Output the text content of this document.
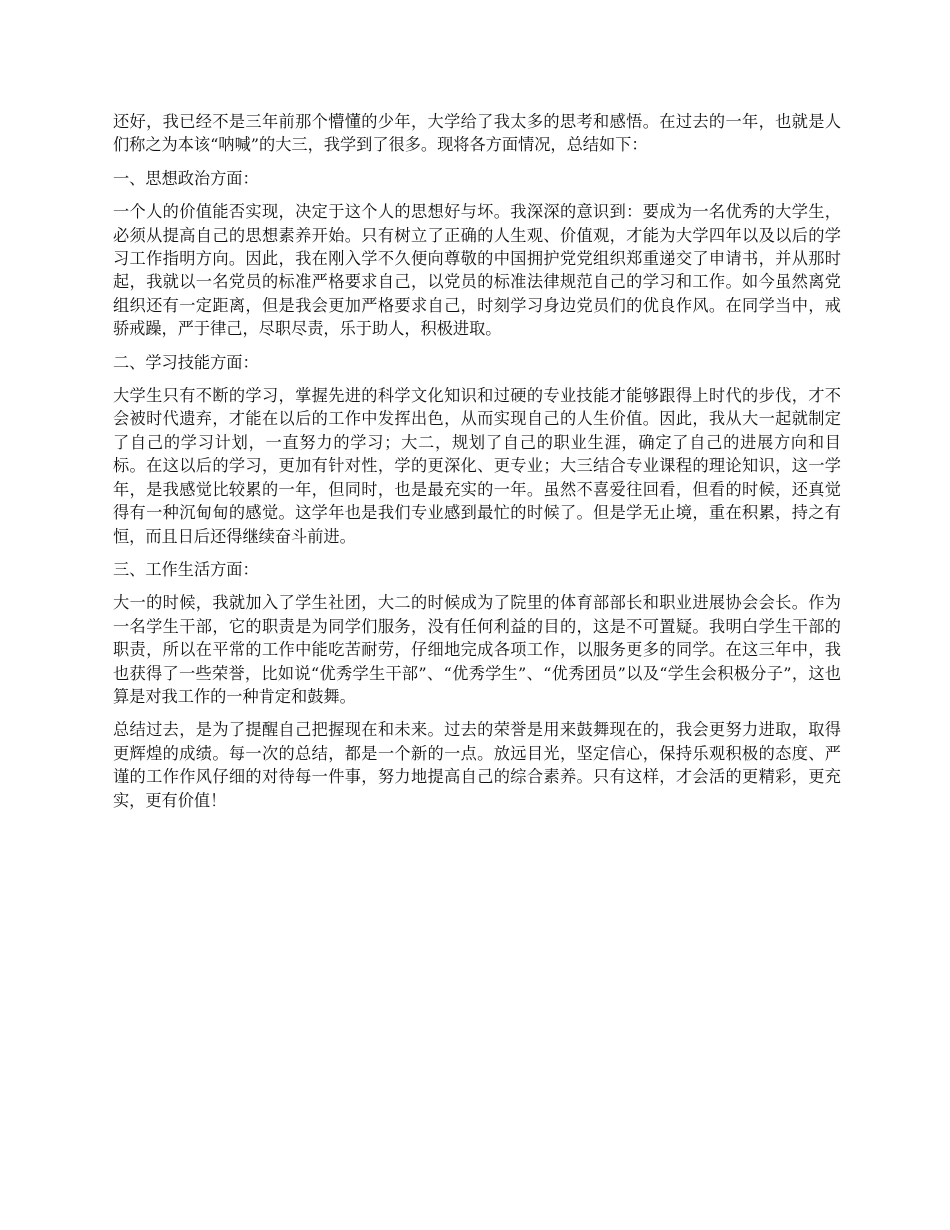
还好，我已经不是三年前那个懵懂的少年，大学给了我太多的思考和感悟。在过去的一年，也就是人们称之为本该“呐喊”的大三，我学到了很多。现将各方面情况，总结如下：

一、思想政治方面：

一个人的价值能否实现，决定于这个人的思想好与坏。我深深的意识到：要成为一名优秀的大学生，必须从提高自己的思想素养开始。只有树立了正确的人生观、价值观，才能为大学四年以及以后的学习工作指明方向。因此，我在刚入学不久便向尊敬的中国拥护党党组织郑重递交了申请书，并从那时起，我就以一名党员的标准严格要求自己，以党员的标准法律规范自己的学习和工作。如今虽然离党组织还有一定距离，但是我会更加严格要求自己，时刻学习身边党员们的优良作风。在同学当中，戒骄戒躁，严于律己，尽职尽责，乐于助人，积极进取。

二、学习技能方面：

大学生只有不断的学习，掌握先进的科学文化知识和过硬的专业技能才能够跟得上时代的步伐，才不会被时代遗弃，才能在以后的工作中发挥出色，从而实现自己的人生价值。因此，我从大一起就制定了自己的学习计划，一直努力的学习；大二，规划了自己的职业生涯，确定了自己的进展方向和目标。在这以后的学习，更加有针对性，学的更深化、更专业；大三结合专业课程的理论知识，这一学年，是我感觉比较累的一年，但同时，也是最充实的一年。虽然不喜爱往回看，但看的时候，还真觉得有一种沉甸甸的感觉。这学年也是我们专业感到最忙的时候了。但是学无止境，重在积累，持之有恒，而且日后还得继续奋斗前进。

三、工作生活方面：

大一的时候，我就加入了学生社团，大二的时候成为了院里的体育部部长和职业进展协会会长。作为一名学生干部，它的职责是为同学们服务，没有任何利益的目的，这是不可置疑。我明白学生干部的职责，所以在平常的工作中能吃苦耐劳，仔细地完成各项工作，以服务更多的同学。在这三年中，我也获得了一些荣誉，比如说“优秀学生干部”、“优秀学生”、“优秀团员”以及“学生会积极分子”，这也算是对我工作的一种肯定和鼓舞。

总结过去，是为了提醒自己把握现在和未来。过去的荣誉是用来鼓舞现在的，我会更努力进取，取得更辉煌的成绩。每一次的总结，都是一个新的一点。放远目光，坚定信心，保持乐观积极的态度、严谨的工作作风仔细的对待每一件事，努力地提高自己的综合素养。只有这样，才会活的更精彩，更充实，更有价值！
